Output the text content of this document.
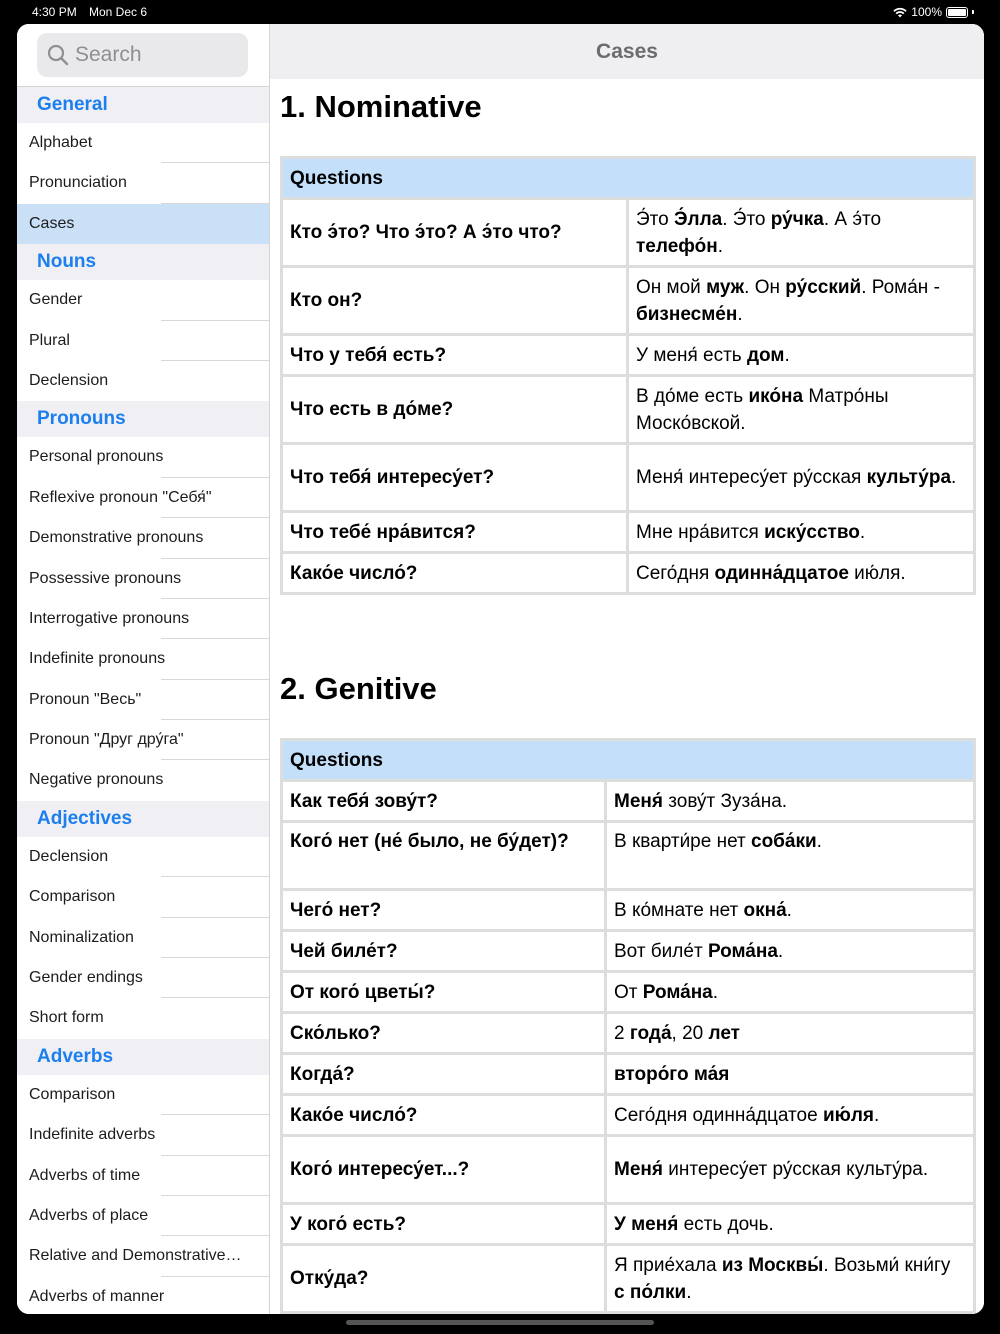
4:30 PM Mon Dec 6	100%
Search
General
Alphabet
Pronunciation
Cases
Nouns
Gender
Plural
Declension
Pronouns
Personal pronouns
Reflexive pronoun "Себя́"
Demonstrative pronouns
Possessive pronouns
Interrogative pronouns
Indefinite pronouns
Pronoun "Весь"
Pronoun "Друг дру́га"
Negative pronouns
Adjectives
Declension
Comparison
Nominalization
Gender endings
Short form
Adverbs
Comparison
Indefinite adverbs
Adverbs of time
Adverbs of place
Relative and Demonstrative…
Adverbs of manner
Cases
1. Nominative
Questions	
Кто э́то? Что э́то? А э́то что?	Э́то Э́лла. Э́то ру́чка. А э́то телефо́н.
Кто он?	Он мой муж. Он ру́сский. Рома́н - бизнесме́н.
Что у тебя́ есть?	У меня́ есть дом.
Что есть в до́ме?	В до́ме есть ико́на Матро́ны Моско́вской.
Что тебя́ интересу́ет?	Меня́ интересу́ет ру́сская культу́ра.
Что тебе́ нра́вится?	Мне нра́вится иску́сство.
Како́е число́?	Сего́дня одинна́дцатое ию́ля.
2. Genitive
Questions	
Как тебя́ зову́т?	Меня́ зову́т Зуза́на.
Кого́ нет (не́ было, не бу́дет)?	В кварти́ре нет соба́ки.
Чего́ нет?	В ко́мнате нет окна́.
Чей биле́т?	Вот биле́т Рома́на.
От кого́ цветы́?	От Рома́на.
Ско́лько?	2 года́, 20 лет
Когда́?	второ́го ма́я
Како́е число́?	Сего́дня одинна́дцатое ию́ля.
Кого́ интересу́ет...?	Меня́ интересу́ет ру́сская культу́ра.
У кого́ есть?	У меня́ есть дочь.
Отку́да?	Я прие́хала из Москвы́. Возьми́ кни́гу с по́лки.
